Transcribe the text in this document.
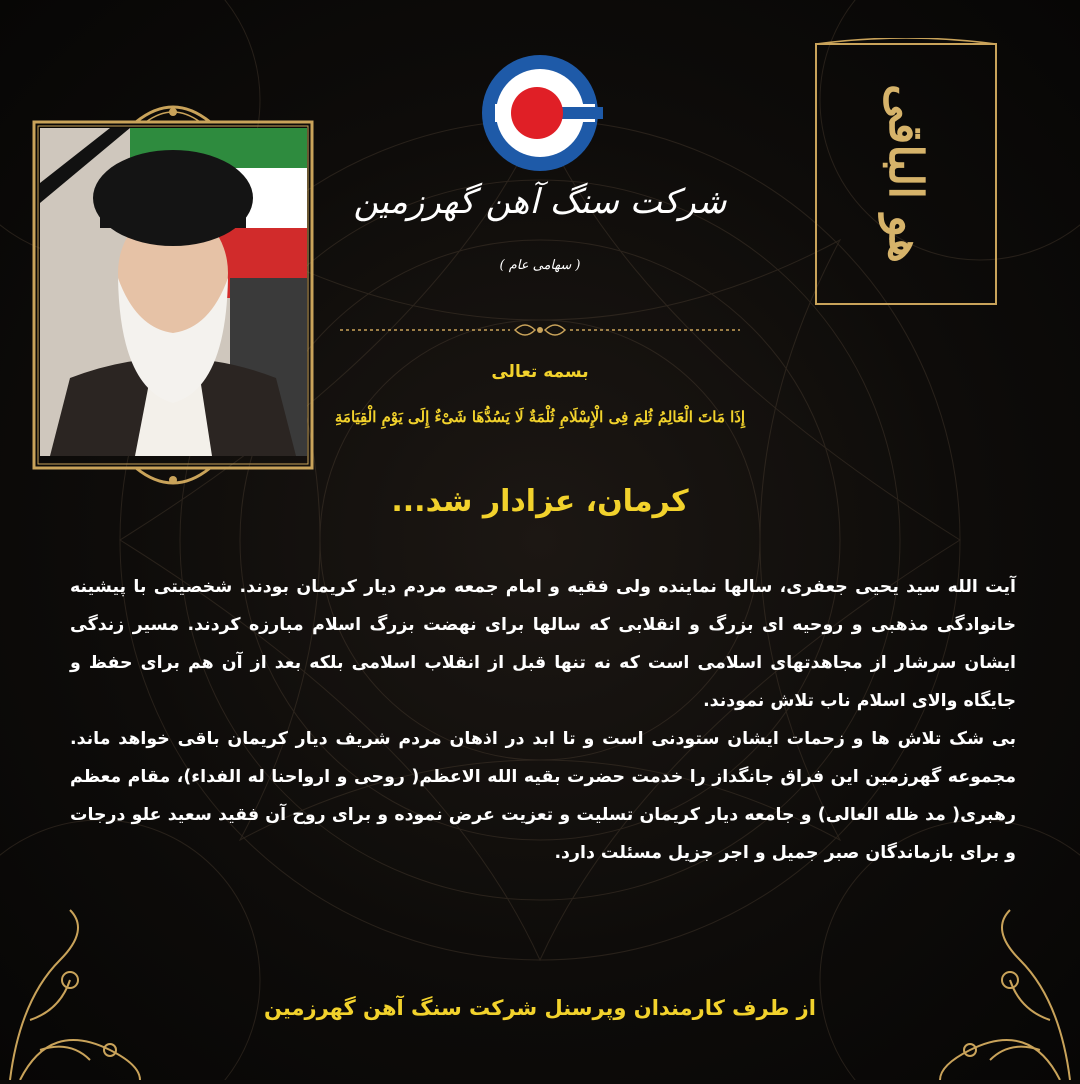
شرکت سنگ آهن گهرزمین
( سهامی عام )
بسمه تعالی
إِذَا مَاتَ الْعَالِمُ ثُلِمَ فِی الْإِسْلَامِ ثُلْمَةٌ لَا یَسُدُّهَا شَیْءٌ إِلَی یَوْمِ الْقِیَامَةِ
هو الباقی
کرمان، عزادار شد...

آیت الله سید یحیی جعفری، سالها نماینده ولی فقیه و امام جمعه مردم دیار کریمان بودند. شخصیتی با پیشینه خانوادگی مذهبی و روحیه ای بزرگ و انقلابی که سالها برای نهضت بزرگ اسلام مبارزه کردند. مسیر زندگی ایشان سرشار از مجاهدتهای اسلامی است که نه تنها قبل از انقلاب اسلامی بلکه بعد از آن هم برای حفظ و جایگاه والای اسلام ناب تلاش نمودند.

بی شک تلاش ها و زحمات ایشان ستودنی است و تا ابد در اذهان مردم شریف دیار کریمان باقی خواهد ماند. مجموعه گهرزمین این فراق جانگداز را خدمت حضرت بقیه الله الاعظم( روحی و ارواحنا له الفداء)، مقام معظم رهبری( مد ظله العالی) و جامعه دیار کریمان تسلیت و تعزیت عرض نموده و برای روح آن فقید سعید علو درجات و برای بازماندگان صبر جمیل و اجر جزیل مسئلت دارد.

از طرف کارمندان وپرسنل شرکت سنگ آهن گهرزمین
